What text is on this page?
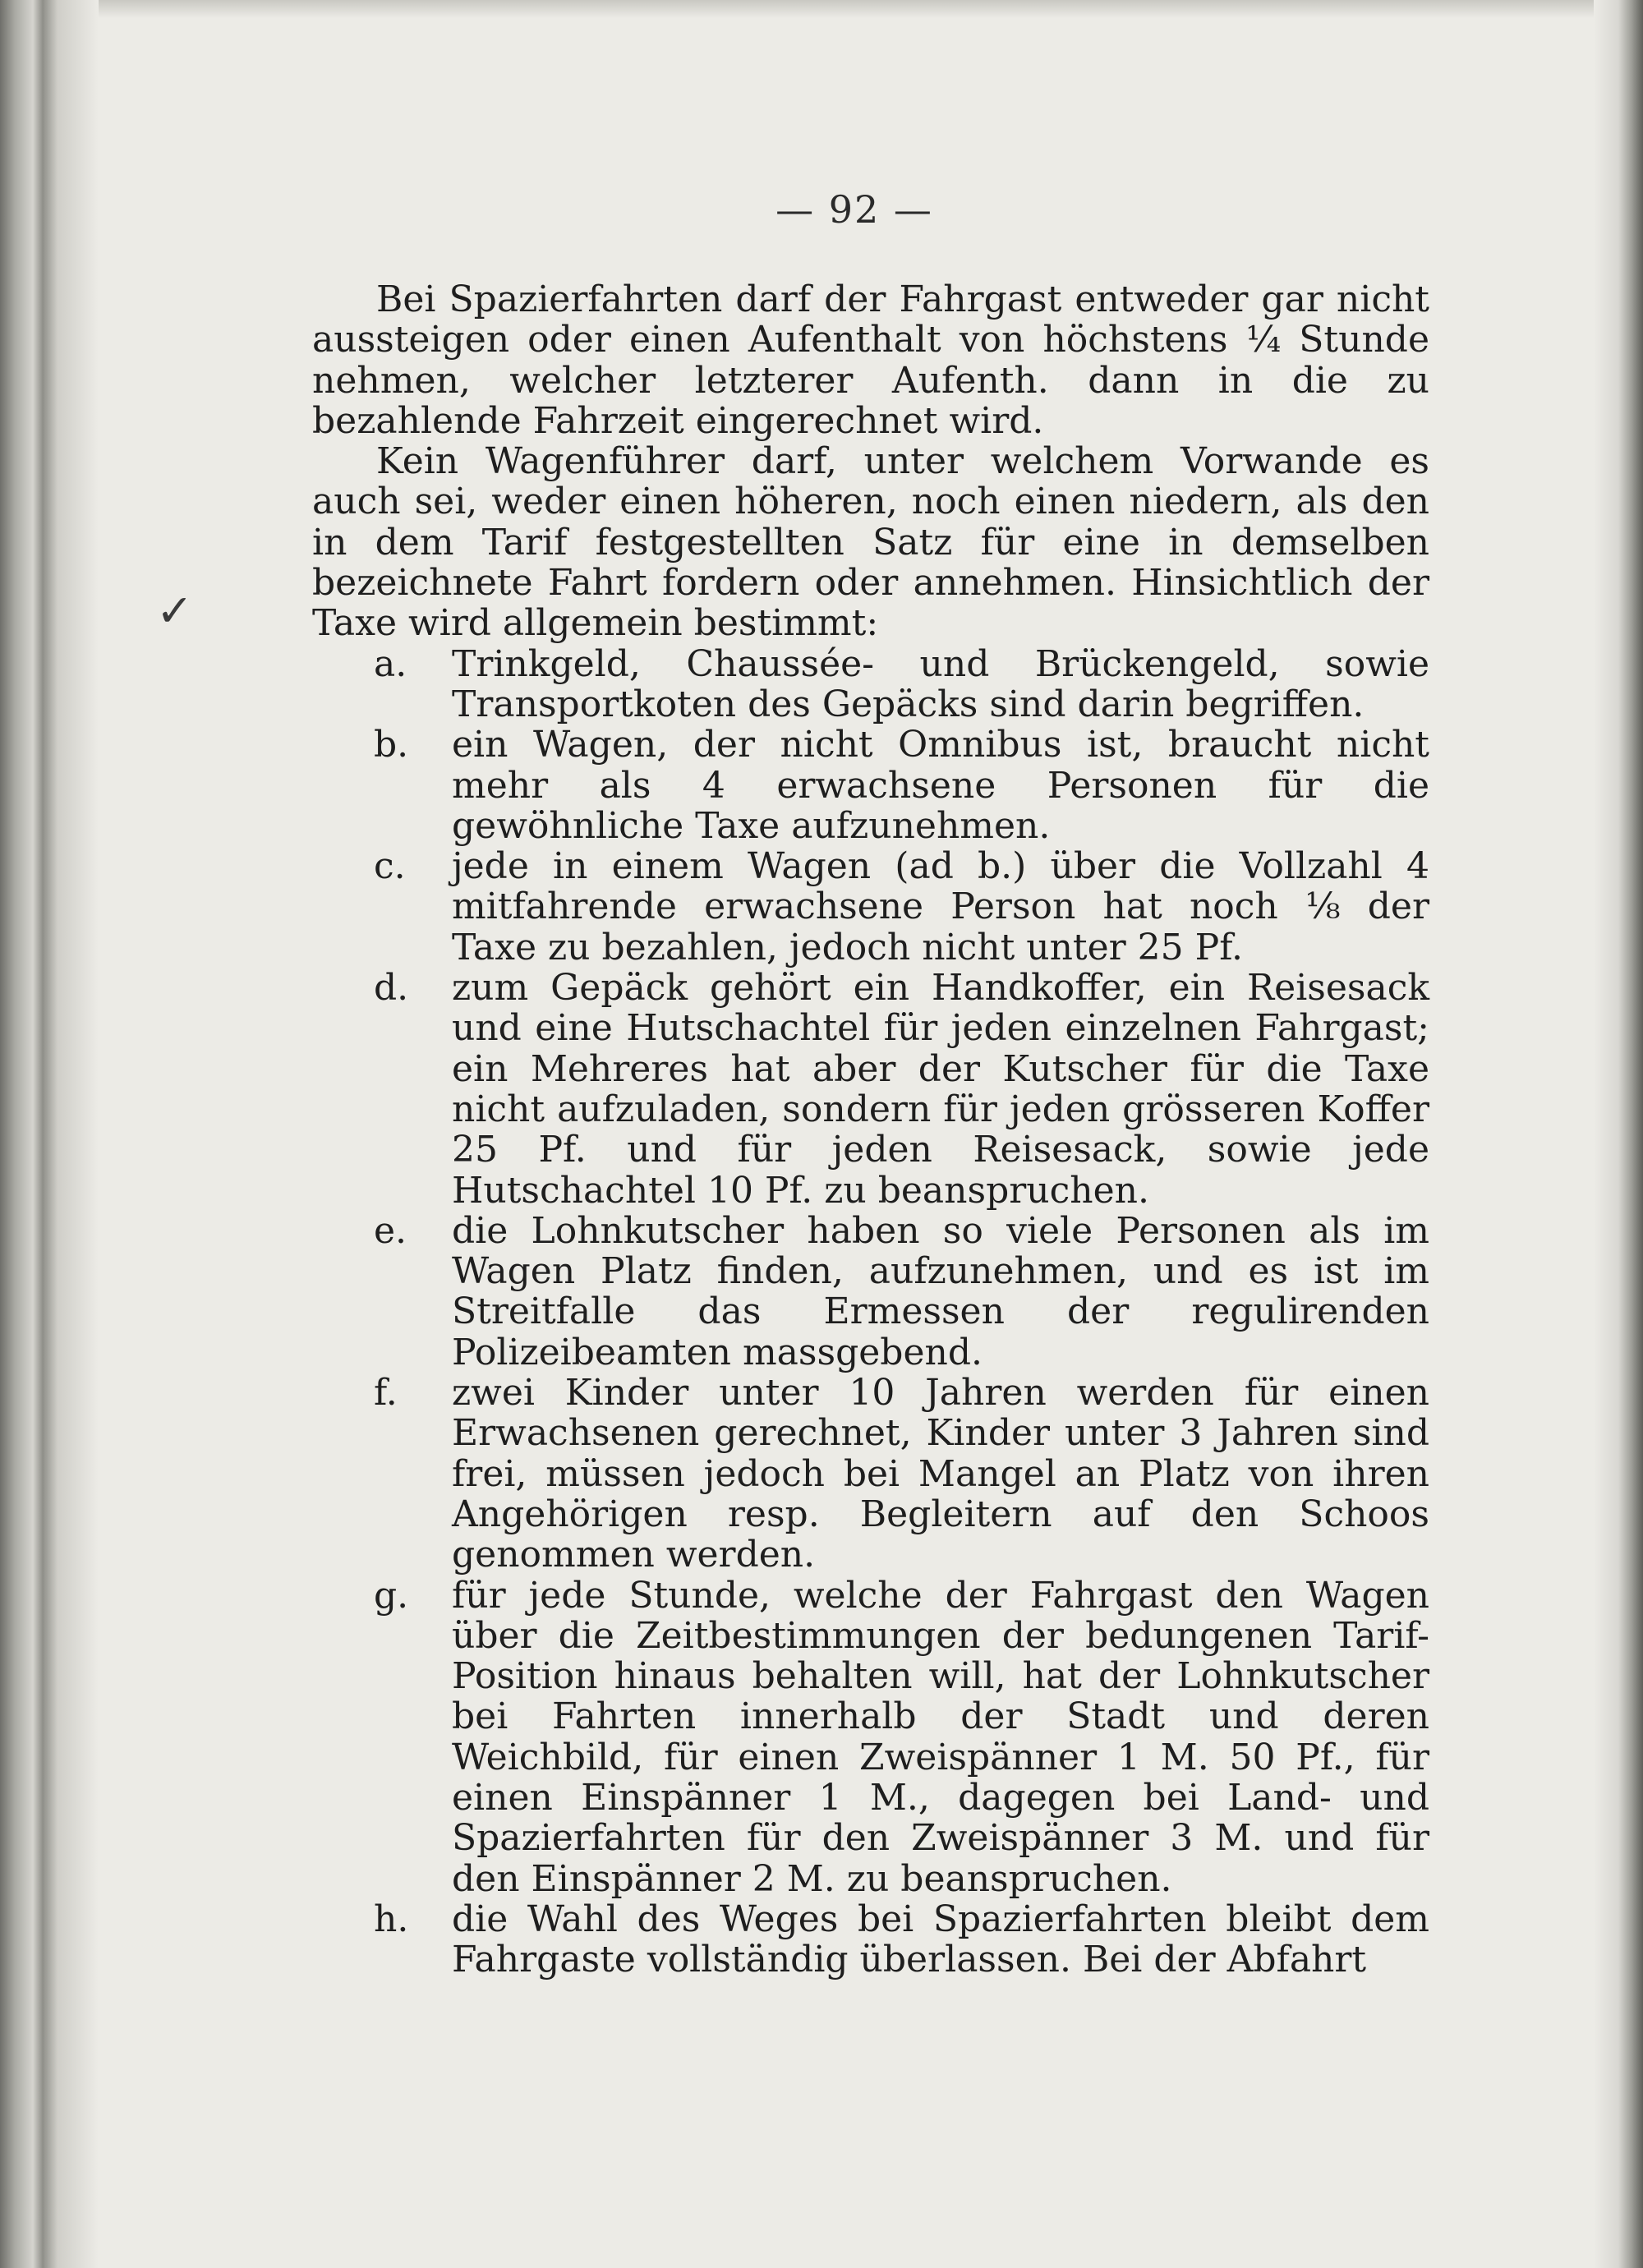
— 92 —
✓

Bei Spazierfahrten darf der Fahrgast entweder gar nicht aussteigen oder einen Aufenthalt von höchstens ¼ Stunde nehmen, welcher letzterer Aufenth. dann in die zu bezahlende Fahrzeit eingerechnet wird.

Kein Wagenführer darf, unter welchem Vorwande es auch sei, weder einen höheren, noch einen niedern, als den in dem Tarif festgestellten Satz für eine in demselben bezeichnete Fahrt fordern oder annehmen. Hinsichtlich der Taxe wird allgemein bestimmt:

a. Trinkgeld, Chaussée- und Brückengeld, sowie Transportkoten des Gepäcks sind darin begriffen.
b. ein Wagen, der nicht Omnibus ist, braucht nicht mehr als 4 erwachsene Personen für die gewöhnliche Taxe aufzunehmen.
c. jede in einem Wagen (ad b.) über die Vollzahl 4 mitfahrende erwachsene Person hat noch ⅛ der Taxe zu bezahlen, jedoch nicht unter 25 Pf.
d. zum Gepäck gehört ein Handkoffer, ein Reisesack und eine Hutschachtel für jeden einzelnen Fahrgast; ein Mehreres hat aber der Kutscher für die Taxe nicht aufzuladen, sondern für jeden grösseren Koffer 25 Pf. und für jeden Reisesack, sowie jede Hutschachtel 10 Pf. zu beanspruchen.
e. die Lohnkutscher haben so viele Personen als im Wagen Platz finden, aufzunehmen, und es ist im Streitfalle das Ermessen der regulirenden Polizeibeamten massgebend.
f. zwei Kinder unter 10 Jahren werden für einen Erwachsenen gerechnet, Kinder unter 3 Jahren sind frei, müssen jedoch bei Mangel an Platz von ihren Angehörigen resp. Begleitern auf den Schoos genommen werden.
g. für jede Stunde, welche der Fahrgast den Wagen über die Zeitbestimmungen der bedungenen Tarif-Position hinaus behalten will, hat der Lohnkutscher bei Fahrten innerhalb der Stadt und deren Weichbild, für einen Zweispänner 1 M. 50 Pf., für einen Einspänner 1 M., dagegen bei Land- und Spazierfahrten für den Zweispänner 3 M. und für den Einspänner 2 M. zu beanspruchen.
h. die Wahl des Weges bei Spazierfahrten bleibt dem Fahrgaste vollständig überlassen. Bei der Abfahrt
